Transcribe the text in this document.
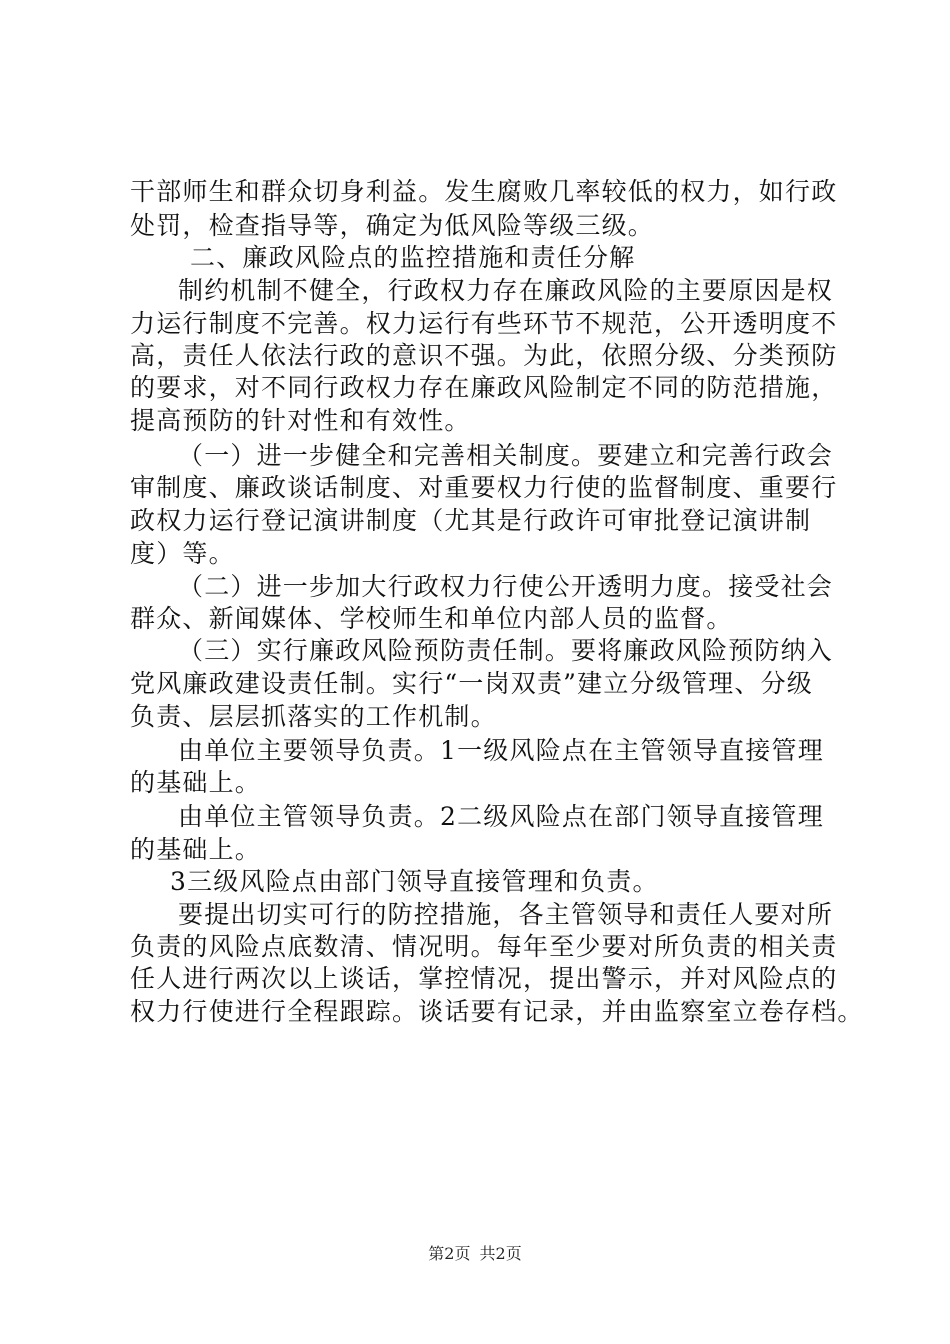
干部师生和群众切身利益。发生腐败几率较低的权力，如行政
处罚，检查指导等，确定为低风险等级三级。
二、廉政风险点的监控措施和责任分解
制约机制不健全，行政权力存在廉政风险的主要原因是权
力运行制度不完善。权力运行有些环节不规范，公开透明度不
高，责任人依法行政的意识不强。为此，依照分级、分类预防
的要求，对不同行政权力存在廉政风险制定不同的防范措施，
提高预防的针对性和有效性。
（一）进一步健全和完善相关制度。要建立和完善行政会
审制度、廉政谈话制度、对重要权力行使的监督制度、重要行
政权力运行登记演讲制度（尤其是行政许可审批登记演讲制
度）等。
（二）进一步加大行政权力行使公开透明力度。接受社会
群众、新闻媒体、学校师生和单位内部人员的监督。
（三）实行廉政风险预防责任制。要将廉政风险预防纳入
党风廉政建设责任制。实行“一岗双责”建立分级管理、分级
负责、层层抓落实的工作机制。
由单位主要领导负责。1一级风险点在主管领导直接管理
的基础上。
由单位主管领导负责。2二级风险点在部门领导直接管理
的基础上。
3三级风险点由部门领导直接管理和负责。
要提出切实可行的防控措施，各主管领导和责任人要对所
负责的风险点底数清、情况明。每年至少要对所负责的相关责
任人进行两次以上谈话，掌控情况，提出警示，并对风险点的
权力行使进行全程跟踪。谈话要有记录，并由监察室立卷存档。
第2页 共2页
